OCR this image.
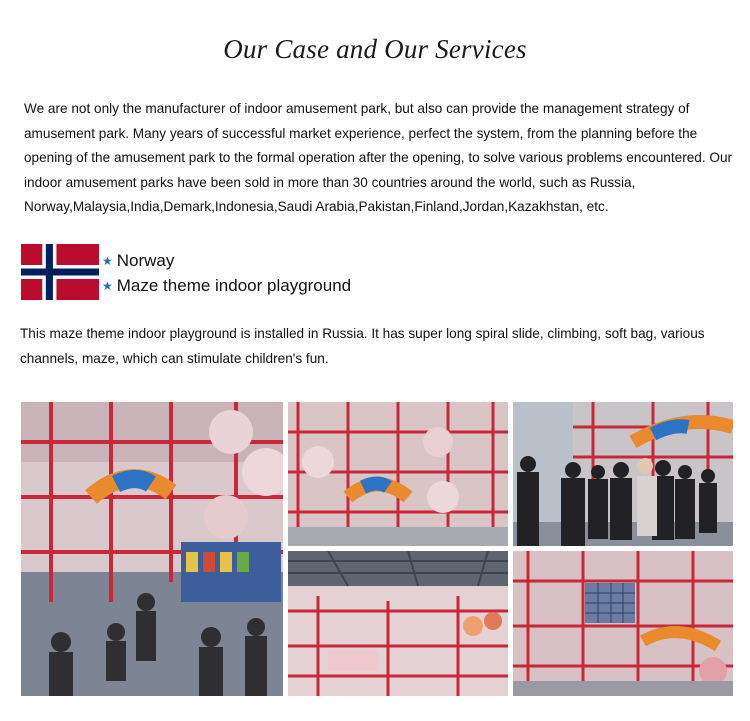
Our Case and Our Services

We are not only the manufacturer of indoor amusement park, but also can provide the management strategy of amusement park. Many years of successful market experience, perfect the system, from the planning before the opening of the amusement park to the formal operation after the opening, to solve various problems encountered. Our indoor amusement parks have been sold in more than 30 countries around the world, such as Russia, Norway,Malaysia,India,Demark,Indonesia,Saudi Arabia,Pakistan,Finland,Jordan,Kazakhstan, etc.

★ Norway
★ Maze theme indoor playground

This maze theme indoor playground is installed in Russia. It has super long spiral slide, climbing, soft bag, various channels, maze, which can stimulate children's fun.
